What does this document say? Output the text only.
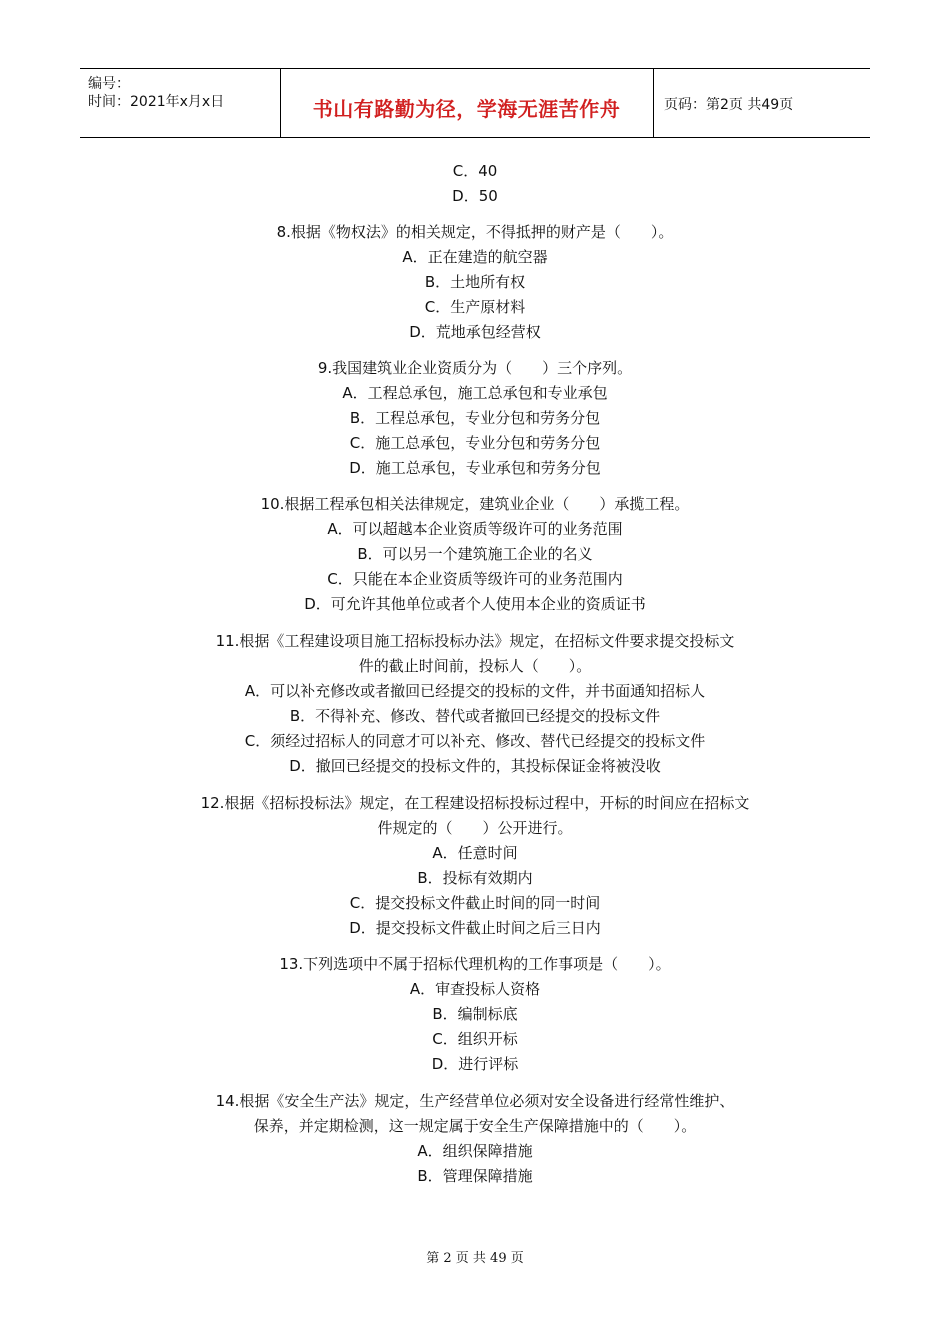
编号：
时间：2021年x月x日	书山有路勤为径，学海无涯苦作舟	页码：第2页 共49页
C．40
D．50
8.根据《物权法》的相关规定，不得抵押的财产是（　　）。
A．正在建造的航空器
B．土地所有权
C．生产原材料
D．荒地承包经营权
9.我国建筑业企业资质分为（　　）三个序列。
A．工程总承包，施工总承包和专业承包
B．工程总承包，专业分包和劳务分包
C．施工总承包，专业分包和劳务分包
D．施工总承包，专业承包和劳务分包
10.根据工程承包相关法律规定，建筑业企业（　　）承揽工程。
A．可以超越本企业资质等级许可的业务范围
B．可以另一个建筑施工企业的名义
C．只能在本企业资质等级许可的业务范围内
D．可允许其他单位或者个人使用本企业的资质证书
11.根据《工程建设项目施工招标投标办法》规定，在招标文件要求提交投标文
件的截止时间前，投标人（　　）。
A．可以补充修改或者撤回已经提交的投标的文件，并书面通知招标人
B．不得补充、修改、替代或者撤回已经提交的投标文件
C．须经过招标人的同意才可以补充、修改、替代已经提交的投标文件
D．撤回已经提交的投标文件的，其投标保证金将被没收
12.根据《招标投标法》规定，在工程建设招标投标过程中，开标的时间应在招标文
件规定的（　　）公开进行。
A．任意时间
B．投标有效期内
C．提交投标文件截止时间的同一时间
D．提交投标文件截止时间之后三日内
13.下列选项中不属于招标代理机构的工作事项是（　　）。
A．审查投标人资格
B．编制标底
C．组织开标
D．进行评标
14.根据《安全生产法》规定，生产经营单位必须对安全设备进行经常性维护、
保养，并定期检测，这一规定属于安全生产保障措施中的（　　）。
A．组织保障措施
B．管理保障措施
第 2 页 共 49 页
